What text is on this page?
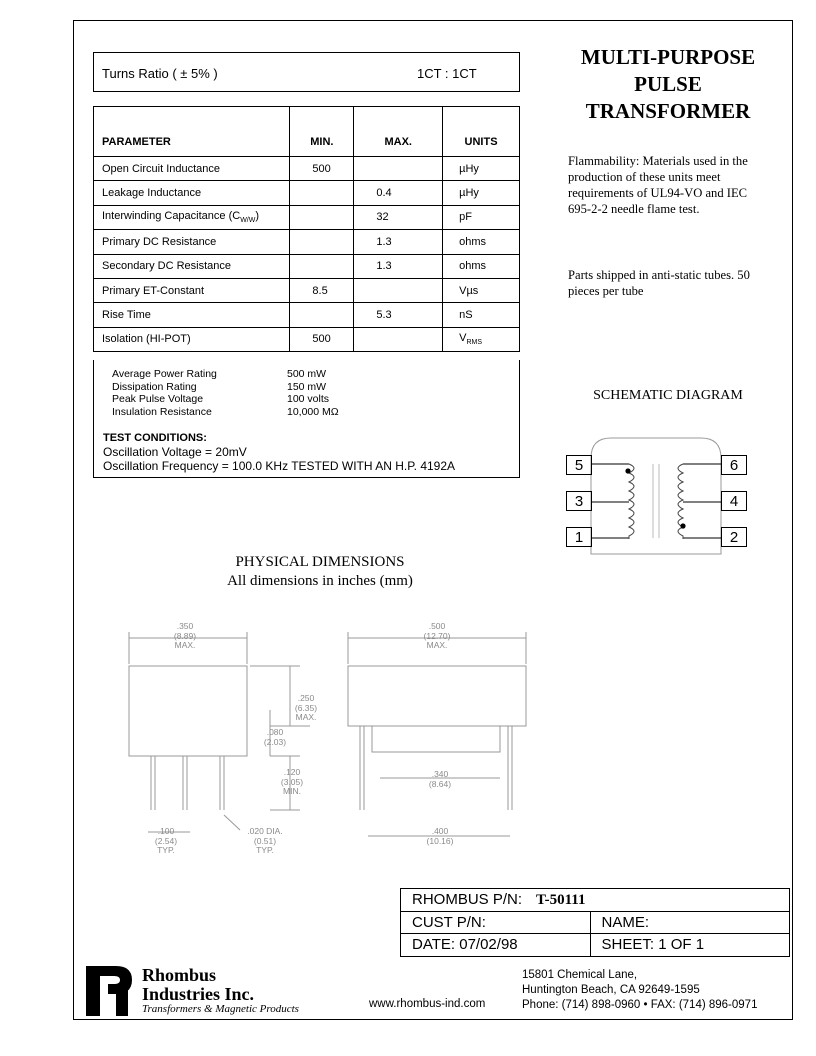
Turns Ratio ( ± 5% )	1CT : 1CT
MULTI-PURPOSE
PULSE
TRANSFORMER
Flammability: Materials used in the production of these units meet requirements of UL94-VO and IEC 695-2-2 needle flame test.
Parts shipped in anti-static tubes. 50 pieces per tube
PARAMETER	MIN.	MAX.	UNITS
Open Circuit Inductance	500		µHy
Leakage Inductance		0.4	µHy
Interwinding Capacitance $(C_{W/W})$		32	pF
Primary DC Resistance		1.3	ohms
Secondary DC Resistance		1.3	ohms
Primary ET-Constant	8.5		Vµs
Rise Time		5.3	nS
Isolation (HI-POT)	500		$V_{RMS}$
Average Power Rating	500 mW
Dissipation Rating	150 mW
Peak Pulse Voltage	100 volts
Insulation Resistance	10,000 MΩ
TEST CONDITIONS:
Oscillation Voltage = 20mV
Oscillation Frequency = 100.0 KHz TESTED WITH AN H.P. 4192A
SCHEMATIC DIAGRAM
5
3
1
6
4
2
PHYSICAL DIMENSIONS
All dimensions in inches (mm)
.350
(8.89)
MAX.
.500
(12.70)
MAX.
.250
(6.35)
MAX.
.080
(2.03)
.120
(3.05)
MIN.
.100
(2.54)
TYP.
.020 DIA.
(0.51)
TYP.
.340
(8.64)
.400
(10.16)
RHOMBUS P/N: T-50111	
CUST P/N:	NAME:
DATE: 07/02/98	SHEET: 1 OF 1
Rhombus
Industries Inc.
Transformers & Magnetic Products	www.rhombus-ind.com
15801 Chemical Lane,
Huntington Beach, CA 92649-1595
Phone: (714) 898-0960 • FAX: (714) 896-0971
